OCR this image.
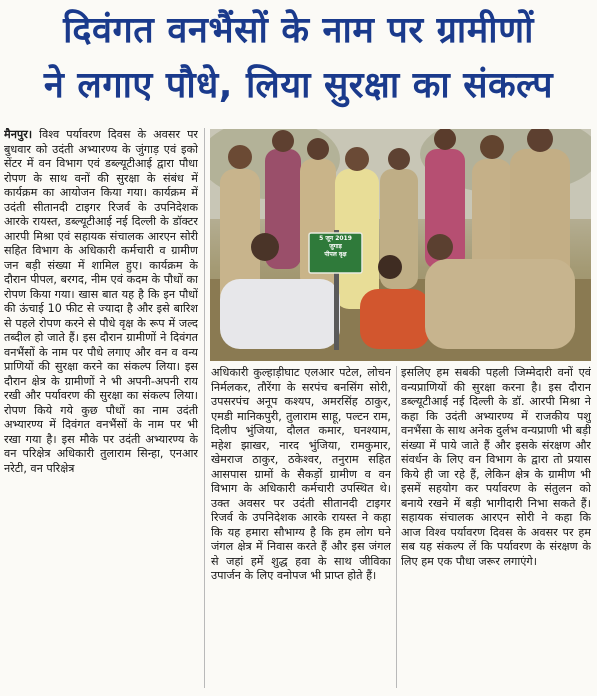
दिवंगत वनभैंसों के नाम पर ग्रामीणों
ने लगाए पौधे, लिया सुरक्षा का संकल्प
मैनपुर। विश्व पर्यावरण दिवस के अवसर पर बुधवार को उदंती अभ्यारण्य के जुंगाड़ एवं इको सेंटर में वन विभाग एवं डब्ल्यूटीआई द्वारा पौधा रोपण के साथ वनों की सुरक्षा के संबंध में कार्यक्रम का आयोजन किया गया। कार्यक्रम में उदंती सीतानदी टाइगर रिजर्व के उपनिदेशक आरके रायस्त, डब्ल्यूटीआई नई दिल्ली के डॉक्टर आरपी मिश्रा एवं सहायक संचालक आरएन सोरी सहित विभाग के अधिकारी कर्मचारी व ग्रामीण जन बड़ी संख्या में शामिल हुए। कार्यक्रम के दौरान पीपल, बरगद, नीम एवं कदम के पौधों का रोपण किया गया। खास बात यह है कि इन पौधों की ऊंचाई 10 फीट से ज्यादा है और इसे बारिश से पहले रोपण करने से पौधे वृक्ष के रूप में जल्द तब्दील हो जाते हैं। इस दौरान ग्रामीणों ने दिवंगत वनभैंसों के नाम पर पौधे लगाए और वन व वन्य प्राणियों की सुरक्षा करने का संकल्प लिया। इस दौरान क्षेत्र के ग्रामीणों ने भी अपनी-अपनी राय रखी और पर्यावरण की सुरक्षा का संकल्प लिया। रोपण किये गये कुछ पौधों का नाम उदंती अभ्यारण्य में दिवंगत वनभैंसों के नाम पर भी रखा गया है। इस मौके पर उदंती अभ्यारण्य के वन परिक्षेत्र अधिकारी तुलाराम सिन्हा, एनआर नरेटी, वन परिक्षेत्र
5 जून 2019
जुगाड़
पीपल वृक्ष
अधिकारी कुल्हाड़ीघाट एलआर पटेल, लोचन निर्मलकर, तौरेंगा के सरपंच बनसिंग सोरी, उपसरपंच अनूप कश्यप, अमरसिंह ठाकुर, एमडी मानिकपुरी, तुलाराम साहू, पल्टन राम, दिलीप भुंजिया, दौलत कमार, घनश्याम, महेश झाखर, नारद भुंजिया, रामकुमार, खेमराज ठाकुर, ठकेश्वर, तनुराम सहित आसपास ग्रामों के सैकड़ों ग्रामीण व वन विभाग के अधिकारी कर्मचारी उपस्थित थे। उक्त अवसर पर उदंती सीतानदी टाइगर रिजर्व के उपनिदेशक आरके रायस्त ने कहा कि यह हमारा सौभाग्य है कि हम लोग घने जंगल क्षेत्र में निवास करते हैं और इस जंगल से जहां हमें शुद्ध हवा के साथ जीविका उपार्जन के लिए वनोपज भी प्राप्त होते हैं।
इसलिए हम सबकी पहली जिम्मेदारी वनों एवं वन्यप्राणियों की सुरक्षा करना है। इस दौरान डब्ल्यूटीआई नई दिल्ली के डॉ. आरपी मिश्रा ने कहा कि उदंती अभ्यारण्य में राजकीय पशु वनभैंसा के साथ अनेक दुर्लभ वन्यप्राणी भी बड़ी संख्या में पाये जाते हैं और इसके संरक्षण और संवर्धन के लिए वन विभाग के द्वारा तो प्रयास किये ही जा रहे हैं, लेकिन क्षेत्र के ग्रामीण भी इसमें सहयोग कर पर्यावरण के संतुलन को बनाये रखने में बड़ी भागीदारी निभा सकते हैं। सहायक संचालक आरएन सोरी ने कहा कि आज विश्व पर्यावरण दिवस के अवसर पर हम सब यह संकल्प लें कि पर्यावरण के संरक्षण के लिए हम एक पौधा जरूर लगाएंगे।
